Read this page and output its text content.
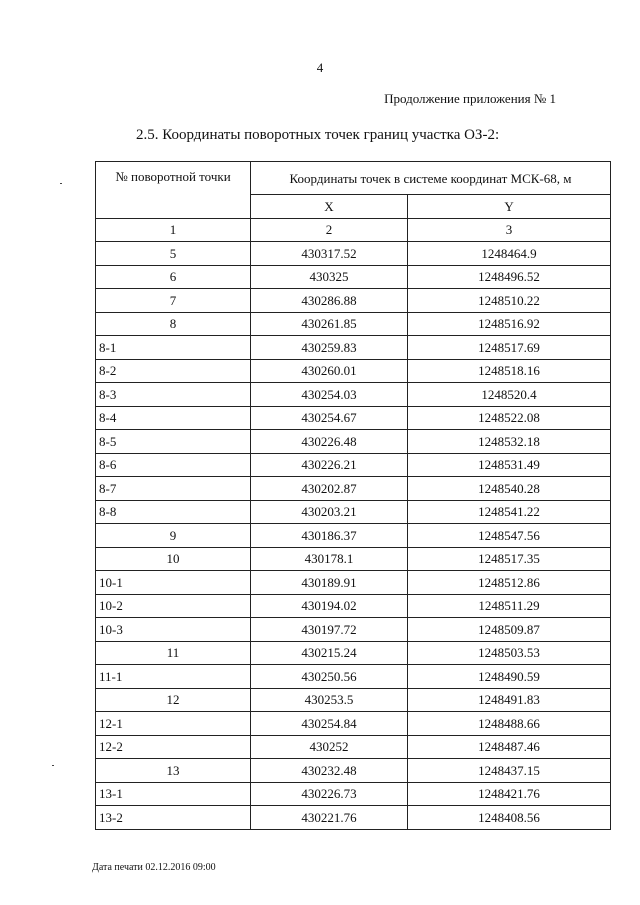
4
Продолжение приложения № 1
2.5. Координаты поворотных точек границ участка ОЗ-2:
№ поворотной точки	Координаты точек в системе координат МСК-68, м	
	X	Y
1	2	3
5	430317.52	1248464.9
6	430325	1248496.52
7	430286.88	1248510.22
8	430261.85	1248516.92
8-1	430259.83	1248517.69
8-2	430260.01	1248518.16
8-3	430254.03	1248520.4
8-4	430254.67	1248522.08
8-5	430226.48	1248532.18
8-6	430226.21	1248531.49
8-7	430202.87	1248540.28
8-8	430203.21	1248541.22
9	430186.37	1248547.56
10	430178.1	1248517.35
10-1	430189.91	1248512.86
10-2	430194.02	1248511.29
10-3	430197.72	1248509.87
11	430215.24	1248503.53
11-1	430250.56	1248490.59
12	430253.5	1248491.83
12-1	430254.84	1248488.66
12-2	430252	1248487.46
13	430232.48	1248437.15
13-1	430226.73	1248421.76
13-2	430221.76	1248408.56
Дата печати 02.12.2016 09:00
